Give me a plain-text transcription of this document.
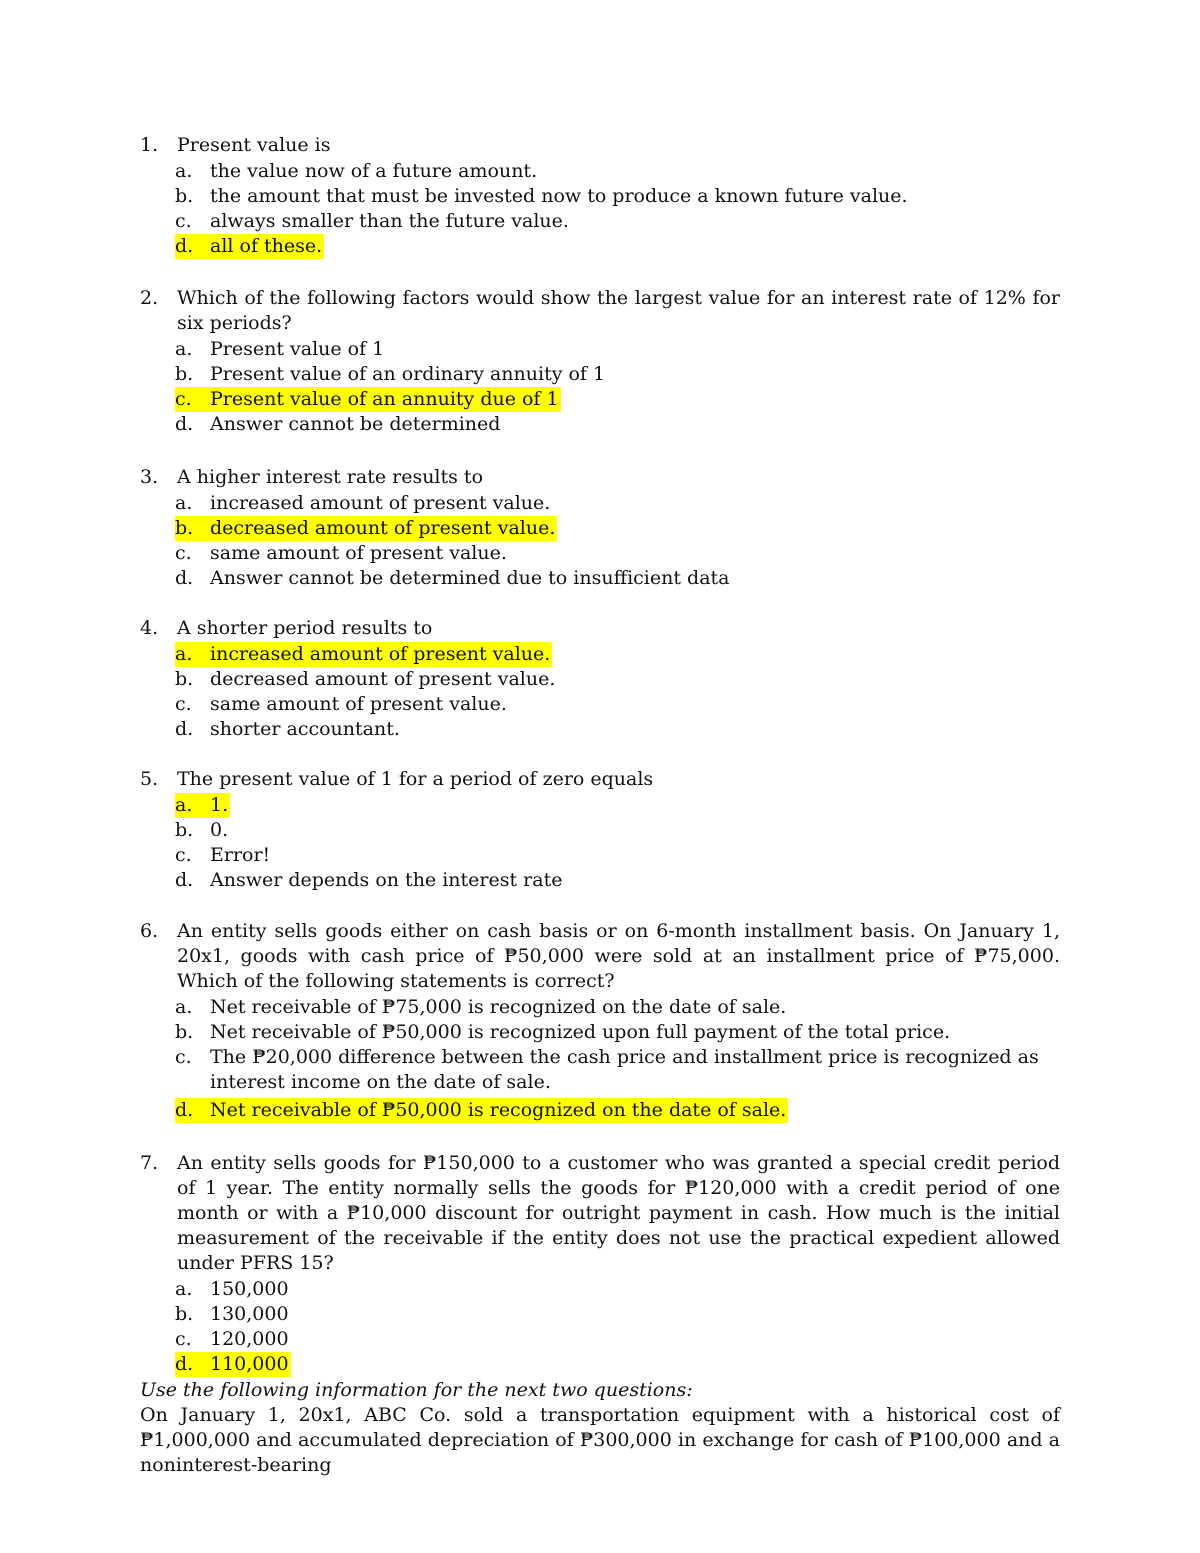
1. Present value is
a. the value now of a future amount.
b. the amount that must be invested now to produce a known future value.
c. always smaller than the future value.
d. all of these.
2. Which of the following factors would show the largest value for an interest rate of 12% for six periods?
a. Present value of 1
b. Present value of an ordinary annuity of 1
c. Present value of an annuity due of 1
d. Answer cannot be determined
3. A higher interest rate results to
a. increased amount of present value.
b. decreased amount of present value.
c. same amount of present value.
d. Answer cannot be determined due to insufficient data
4. A shorter period results to
a. increased amount of present value.
b. decreased amount of present value.
c. same amount of present value.
d. shorter accountant.
5. The present value of 1 for a period of zero equals
a. 1.
b. 0.
c. Error!
d. Answer depends on the interest rate
6. An entity sells goods either on cash basis or on 6-month installment basis. On January 1, 20x1, goods with cash price of ₱50,000 were sold at an installment price of ₱75,000. Which of the following statements is correct?
a. Net receivable of ₱75,000 is recognized on the date of sale.
b. Net receivable of ₱50,000 is recognized upon full payment of the total price.
c. The ₱20,000 difference between the cash price and installment price is recognized as interest income on the date of sale.
d. Net receivable of ₱50,000 is recognized on the date of sale.
7. An entity sells goods for ₱150,000 to a customer who was granted a special credit period of 1 year. The entity normally sells the goods for ₱120,000 with a credit period of one month or with a ₱10,000 discount for outright payment in cash. How much is the initial measurement of the receivable if the entity does not use the practical expedient allowed under PFRS 15?
a. 150,000
b. 130,000
c. 120,000
d. 110,000
Use the following information for the next two questions:
On January 1, 20x1, ABC Co. sold a transportation equipment with a historical cost of ₱1,000,000 and accumulated depreciation of ₱300,000 in exchange for cash of ₱100,000 and a noninterest-bearing
